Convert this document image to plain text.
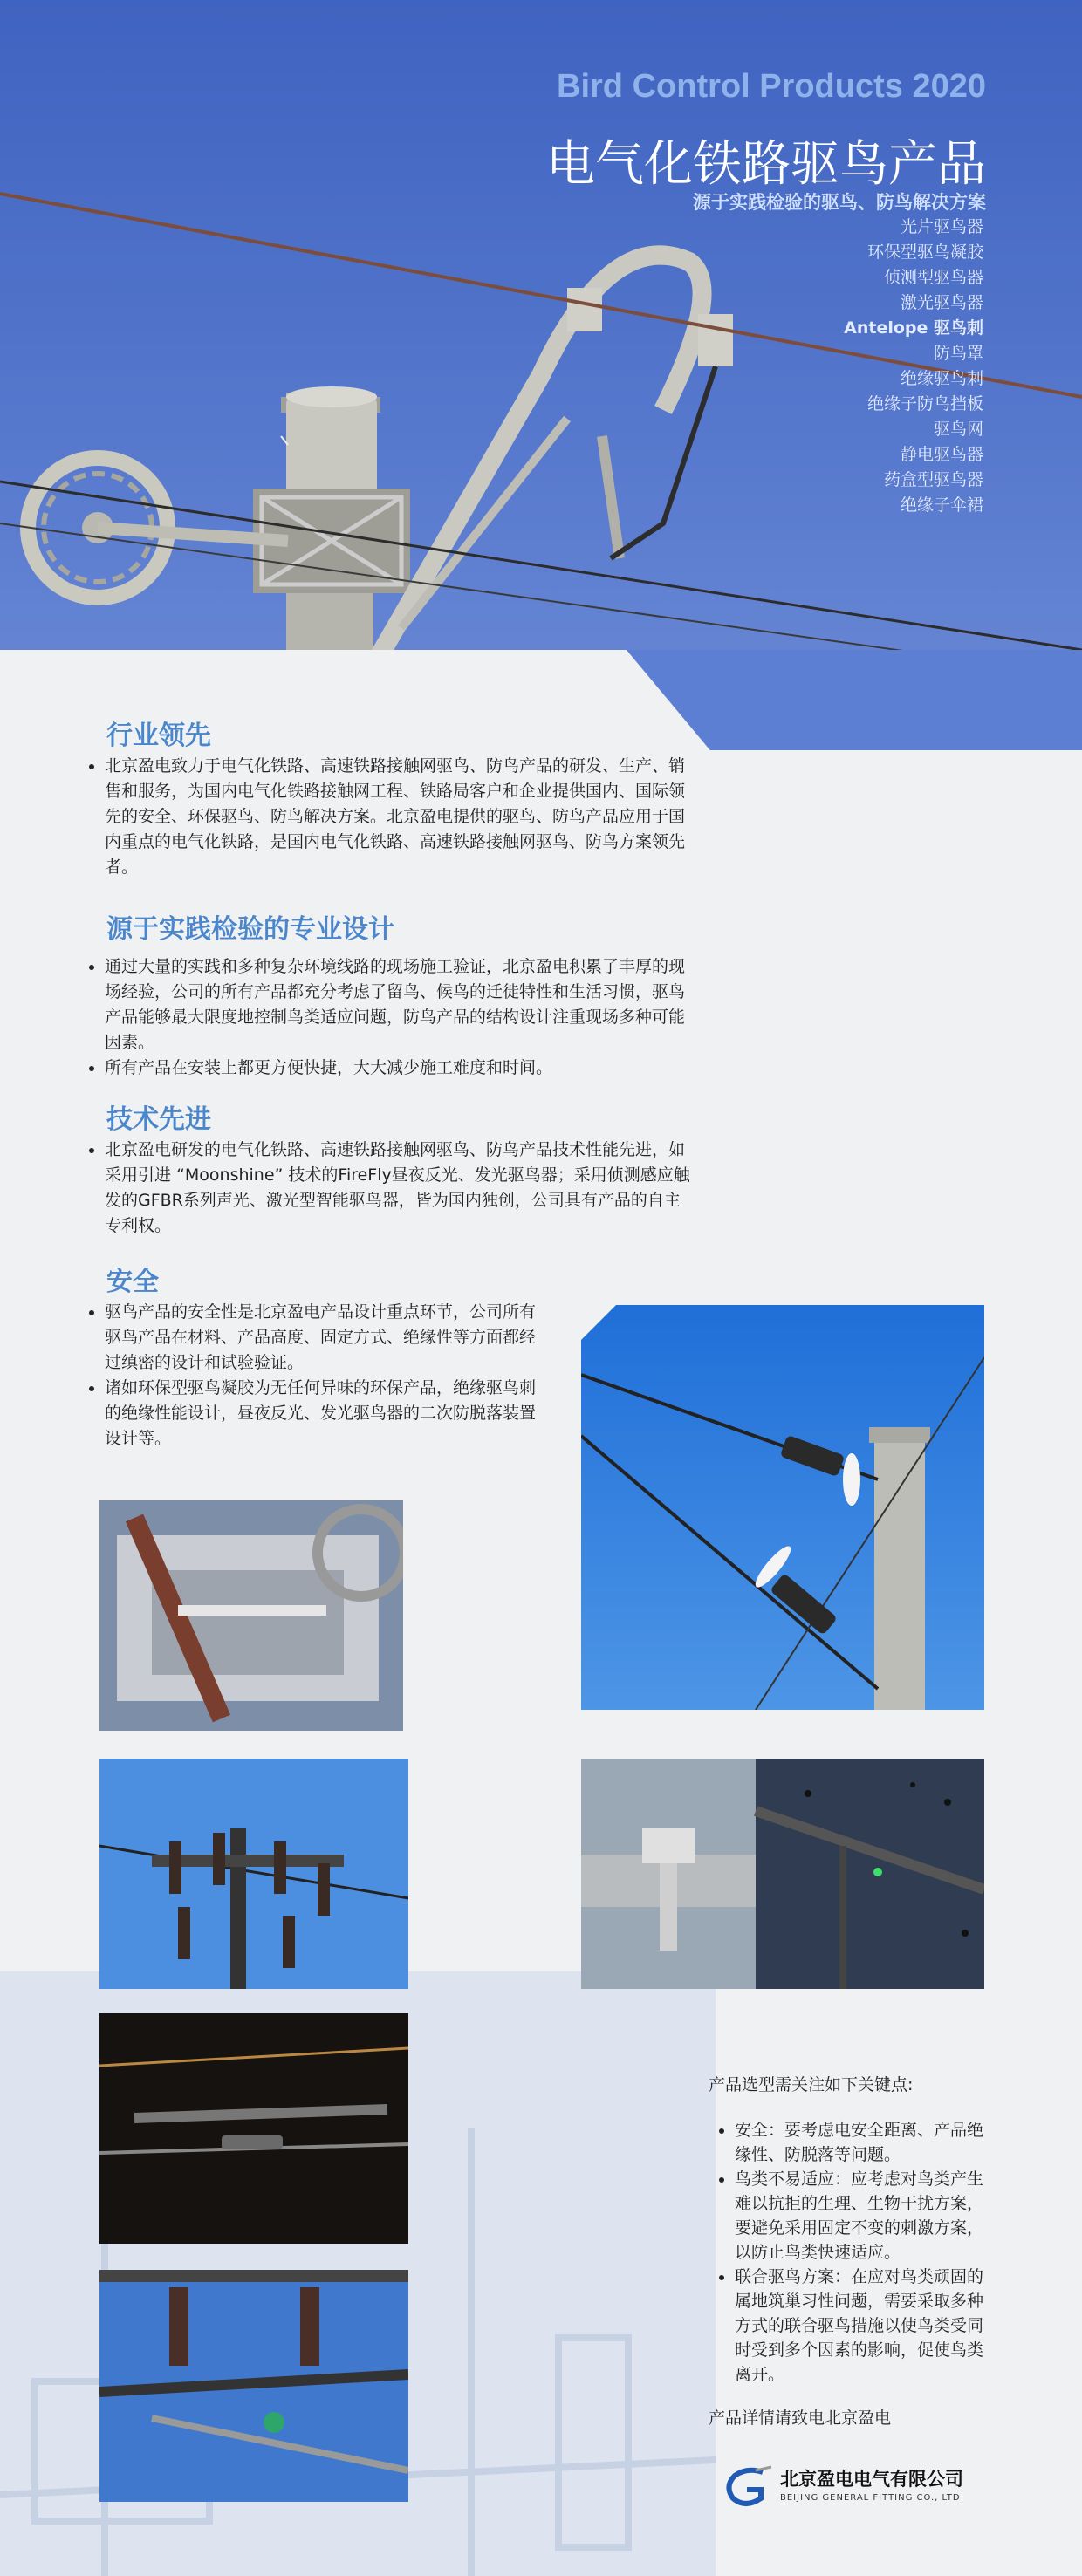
Bird Control Products 2020
电气化铁路驱鸟产品
源于实践检验的驱鸟、防鸟解决方案
光片驱鸟器
环保型驱鸟凝胶
侦测型驱鸟器
激光驱鸟器
Antelope 驱鸟刺
防鸟罩
绝缘驱鸟刺
绝缘子防鸟挡板
驱鸟网
静电驱鸟器
药盒型驱鸟器
绝缘子伞裙
行业领先
• 北京盈电致力于电气化铁路、高速铁路接触网驱鸟、防鸟产品的研发、生产、销售和服务，为国内电气化铁路接触网工程、铁路局客户和企业提供国内、国际领先的安全、环保驱鸟、防鸟解决方案。北京盈电提供的驱鸟、防鸟产品应用于国内重点的电气化铁路，是国内电气化铁路、高速铁路接触网驱鸟、防鸟方案领先者。
源于实践检验的专业设计
• 通过大量的实践和多种复杂环境线路的现场施工验证，北京盈电积累了丰厚的现场经验，公司的所有产品都充分考虑了留鸟、候鸟的迁徙特性和生活习惯，驱鸟产品能够最大限度地控制鸟类适应问题，防鸟产品的结构设计注重现场多种可能因素。
• 所有产品在安装上都更方便快捷，大大减少施工难度和时间。
技术先进
• 北京盈电研发的电气化铁路、高速铁路接触网驱鸟、防鸟产品技术性能先进，如采用引进 “Moonshine” 技术的FireFly昼夜反光、发光驱鸟器；采用侦测感应触发的GFBR系列声光、激光型智能驱鸟器，皆为国内独创，公司具有产品的自主专利权。
安全
• 驱鸟产品的安全性是北京盈电产品设计重点环节，公司所有驱鸟产品在材料、产品高度、固定方式、绝缘性等方面都经过缜密的设计和试验验证。
• 诸如环保型驱鸟凝胶为无任何异味的环保产品，绝缘驱鸟刺的绝缘性能设计，昼夜反光、发光驱鸟器的二次防脱落装置设计等。
产品选型需关注如下关键点:
• 安全：要考虑电安全距离、产品绝缘性、防脱落等问题。
• 鸟类不易适应：应考虑对鸟类产生难以抗拒的生理、生物干扰方案，要避免采用固定不变的刺激方案，以防止鸟类快速适应。
• 联合驱鸟方案：在应对鸟类顽固的属地筑巢习性问题，需要采取多种方式的联合驱鸟措施以使鸟类受同时受到多个因素的影响，促使鸟类离开。
产品详情请致电北京盈电
北京盈电电气有限公司
BEIJING GENERAL FITTING CO., LTD
